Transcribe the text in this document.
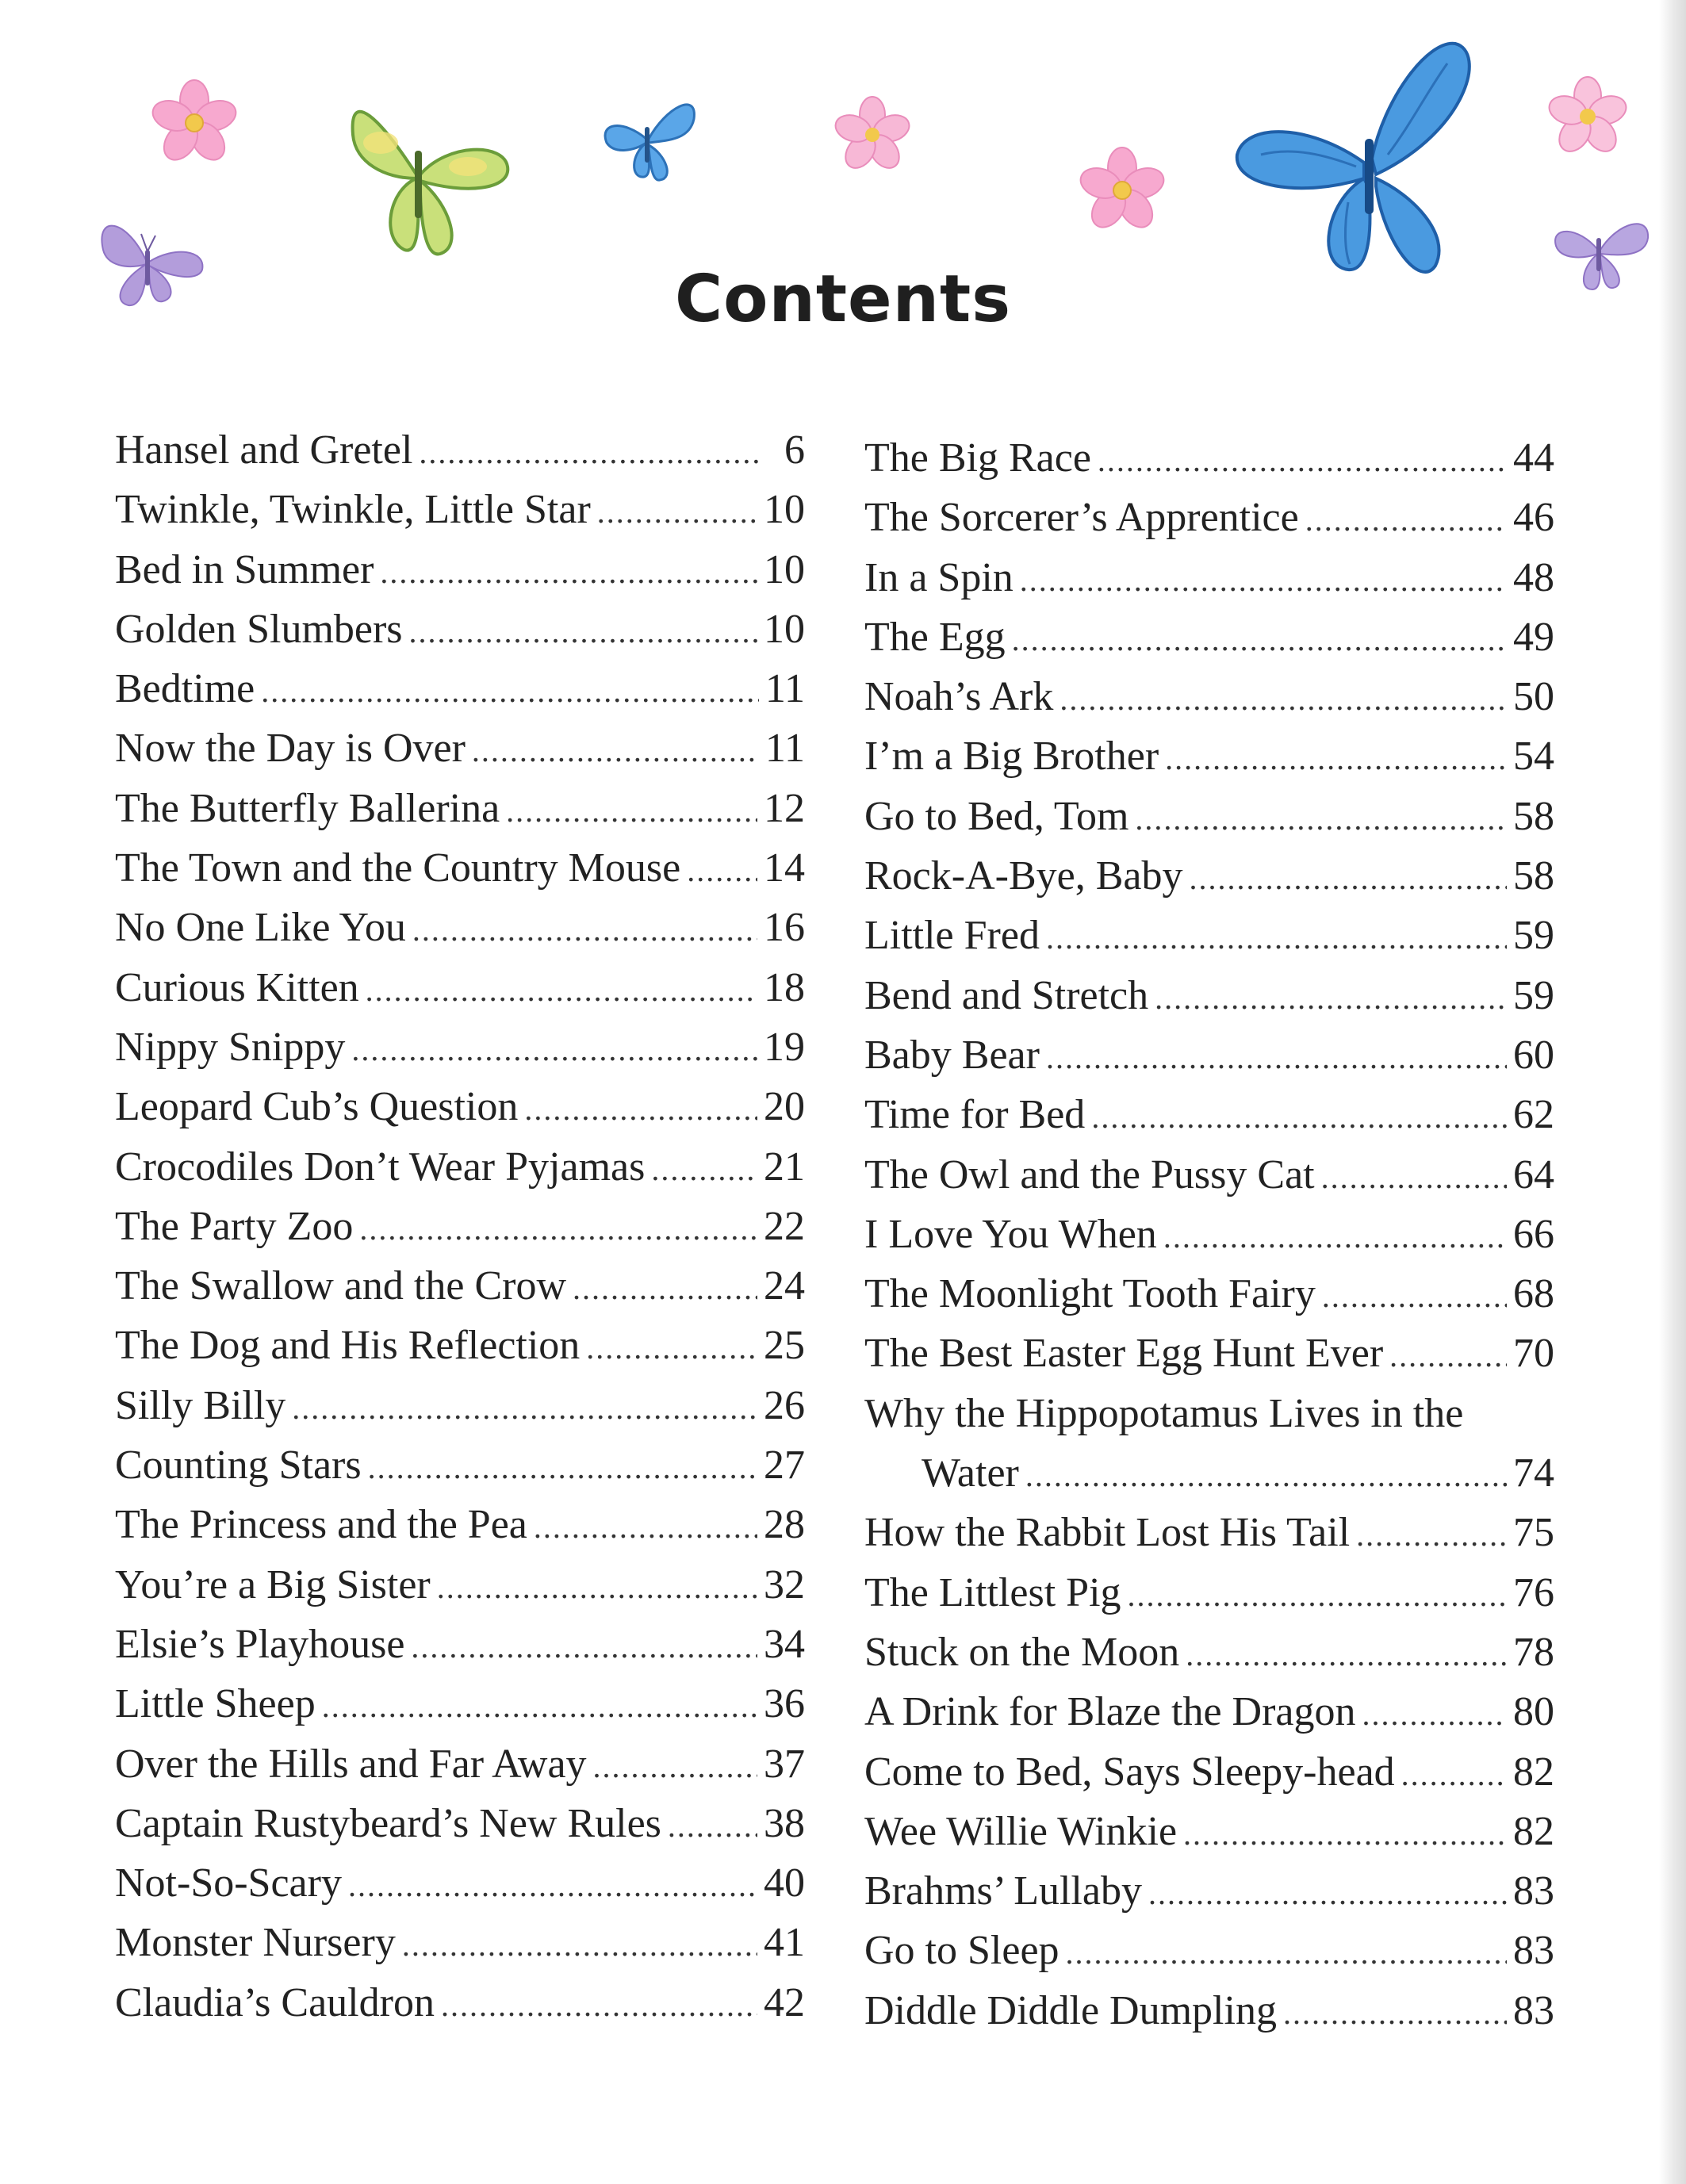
Contents
Hansel and Gretel .....	6
Twinkle, Twinkle, Little Star .....	10
Bed in Summer .....	10
Golden Slumbers .....	10
Bedtime .....	11
Now the Day is Over .....	11
The Butterfly Ballerina .....	12
The Town and the Country Mouse ..... 14
No One Like You .....	16
Curious Kitten .....	18
Nippy Snippy .....	19
Leopard Cub’s Question .....	20
Crocodiles Don’t Wear Pyjamas .....	21
The Party Zoo .....	22
The Swallow and the Crow .....	24
The Dog and His Reflection .....	25
Silly Billy .....	26
Counting Stars .....	27
The Princess and the Pea .....	28
You’re a Big Sister .....	32
Elsie’s Playhouse .....	34
Little Sheep .....	36
Over the Hills and Far Away .....	37
Captain Rustybeard’s New Rules ..... 38
Not-So-Scary .....	40
Monster Nursery .....	41
Claudia’s Cauldron .....	42
The Big Race .....	44
The Sorcerer’s Apprentice .....	46
In a Spin .....	48
The Egg .....	49
Noah’s Ark .....	50
I’m a Big Brother .....	54
Go to Bed, Tom .....	58
Rock-A-Bye, Baby .....	58
Little Fred .....	59
Bend and Stretch .....	59
Baby Bear .....	60
Time for Bed .....	62
The Owl and the Pussy Cat .....	64
I Love You When .....	66
The Moonlight Tooth Fairy .....	68
The Best Easter Egg Hunt Ever .....	70
Why the Hippopotamus Lives in the
Water .....	74
How the Rabbit Lost His Tail .....	75
The Littlest Pig .....	76
Stuck on the Moon .....	78
A Drink for Blaze the Dragon .....	80
Come to Bed, Says Sleepy-head .....	82
Wee Willie Winkie .....	82
Brahms’ Lullaby .....	83
Go to Sleep .....	83
Diddle Diddle Dumpling .....	83
